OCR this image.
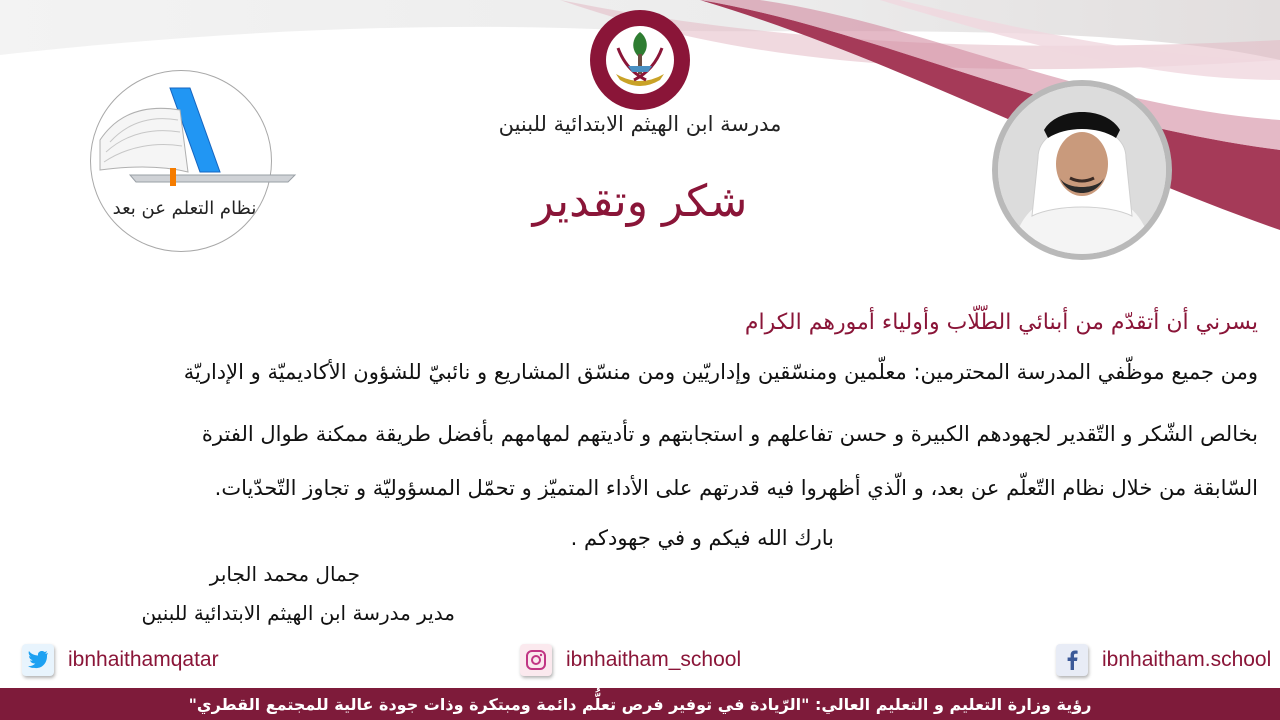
مدرسة ابن الهيثم الابتدائية للبنين
شكر وتقدير
نظام التعلم عن بعد
يسرني أن أتقدّم من أبنائي الطّلّاب وأولياء أمورهم الكرام
ومن جميع موظّفي المدرسة المحترمين: معلّمين ومنسّقين وإداريّين ومن منسّق المشاريع و نائبيّ للشؤون الأكاديميّة و الإداريّة
بخالص الشّكر و التّقدير لجهودهم الكبيرة و حسن تفاعلهم و استجابتهم و تأديتهم لمهامهم بأفضل طريقة ممكنة طوال الفترة
السّابقة من خلال نظام التّعلّم عن بعد، و الّذي أظهروا فيه قدرتهم على الأداء المتميّز و تحمّل المسؤوليّة و تجاوز التّحدّيات.
بارك الله فيكم و في جهودكم .
جمال محمد الجابر
مدير مدرسة ابن الهيثم الابتدائية للبنين
ibnhaithamqatar	ibnhaitham_school	ibnhaitham.school
رؤية وزارة التعليم و التعليم العالي: "الرّيادة في توفير فرص تعلُّم دائمة ومبتكرة وذات جودة عالية للمجتمع القطري"
